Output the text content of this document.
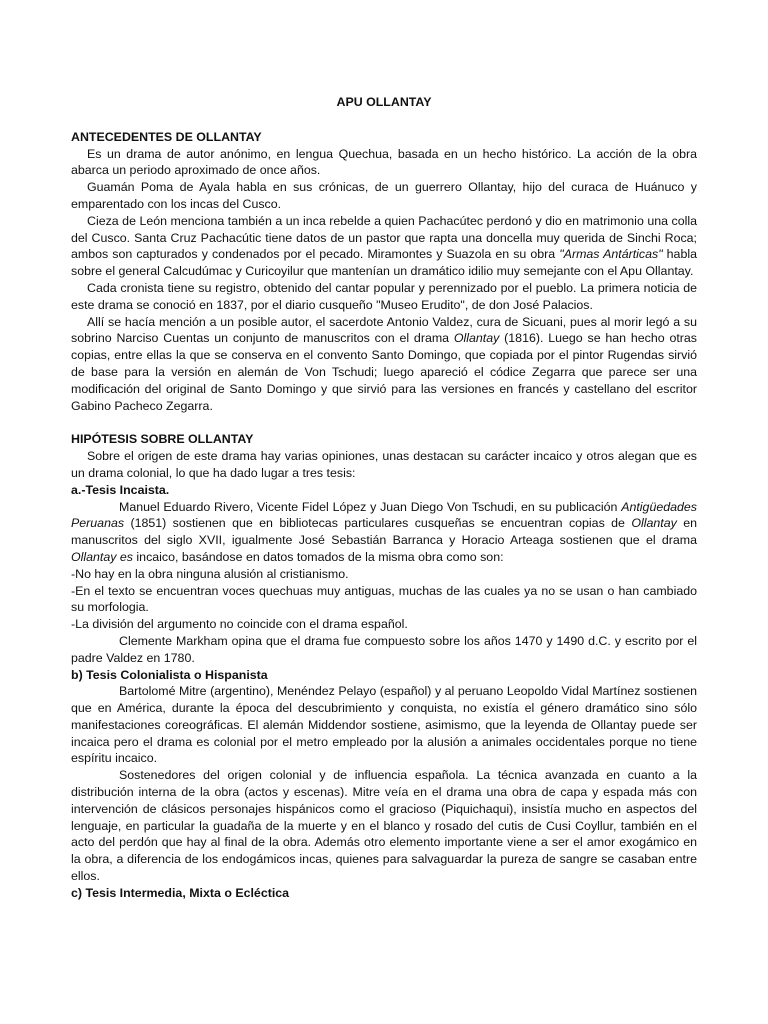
APU OLLANTAY
ANTECEDENTES DE OLLANTAY

Es un drama de autor anónimo, en lengua Quechua, basada en un hecho histórico. La acción de la obra abarca un periodo aproximado de once años.

Guamán Poma de Ayala habla en sus crónicas, de un guerrero Ollantay, hijo del curaca de Huánuco y emparentado con los incas del Cusco.

Cieza de León menciona también a un inca rebelde a quien Pachacútec perdonó y dio en matrimonio una colla del Cusco. Santa Cruz Pachacútic tiene datos de un pastor que rapta una doncella muy querida de Sinchi Roca; ambos son capturados y condenados por el pecado. Miramontes y Suazola en su obra "Armas Antárticas" habla sobre el general Calcudúmac y Curicoyilur que mantenían un dramático idilio muy semejante con el Apu Ollantay.

Cada cronista tiene su registro, obtenido del cantar popular y perennizado por el pueblo. La primera noticia de este drama se conoció en 1837, por el diario cusqueño "Museo Erudito", de don José Palacios.

Allí se hacía mención a un posible autor, el sacerdote Antonio Valdez, cura de Sicuani, pues al morir legó a su sobrino Narciso Cuentas un conjunto de manuscritos con el drama Ollantay (1816). Luego se han hecho otras copias, entre ellas la que se conserva en el convento Santo Domingo, que copiada por el pintor Rugendas sirvió de base para la versión en alemán de Von Tschudi; luego apareció el códice Zegarra que parece ser una modificación del original de Santo Domingo y que sirvió para las versiones en francés y castellano del escritor Gabino Pacheco Zegarra.

HIPÓTESIS SOBRE OLLANTAY

Sobre el origen de este drama hay varias opiniones, unas destacan su carácter incaico y otros alegan que es un drama colonial, lo que ha dado lugar a tres tesis:

a.-Tesis Incaista.

Manuel Eduardo Rivero, Vicente Fidel López y Juan Diego Von Tschudi, en su publicación Antigüedades Peruanas (1851) sostienen que en bibliotecas particulares cusqueñas se encuentran copias de Ollantay en manuscritos del siglo XVII, igualmente José Sebastián Barranca y Horacio Arteaga sostienen que el drama Ollantay es incaico, basándose en datos tomados de la misma obra como son:

-No hay en la obra ninguna alusión al cristianismo.

-En el texto se encuentran voces quechuas muy antiguas, muchas de las cuales ya no se usan o han cambiado su morfologia.

-La división del argumento no coincide con el drama español.

Clemente Markham opina que el drama fue compuesto sobre los años 1470 y 1490 d.C. y escrito por el padre Valdez en 1780.

b) Tesis Colonialista o Hispanista

Bartolomé Mitre (argentino), Menéndez Pelayo (español) y al peruano Leopoldo Vidal Martínez sostienen que en América, durante la época del descubrimiento y conquista, no existía el género dramático sino sólo manifestaciones coreográficas. El alemán Middendor sostiene, asimismo, que la leyenda de Ollantay puede ser incaica pero el drama es colonial por el metro empleado por la alusión a animales occidentales porque no tiene espíritu incaico.

Sostenedores del origen colonial y de influencia española. La técnica avanzada en cuanto a la distribución interna de la obra (actos y escenas). Mitre veía en el drama una obra de capa y espada más con intervención de clásicos personajes hispánicos como el gracioso (Piquichaqui), insistía mucho en aspectos del lenguaje, en particular la guadaña de la muerte y en el blanco y rosado del cutis de Cusi Coyllur, también en el acto del perdón que hay al final de la obra. Además otro elemento importante viene a ser el amor exogámico en la obra, a diferencia de los endogámicos incas, quienes para salvaguardar la pureza de sangre se casaban entre ellos.

c) Tesis Intermedia, Mixta o Ecléctica
